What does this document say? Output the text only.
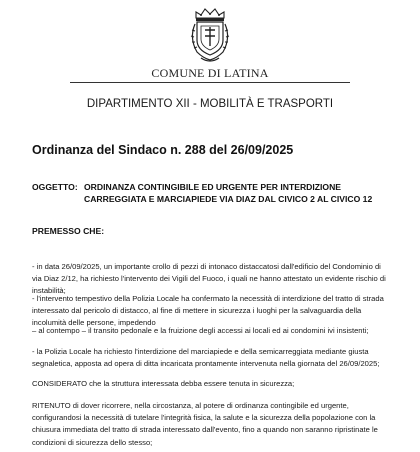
COMUNE DI LATINA
DIPARTIMENTO XII - MOBILITÀ E TRASPORTI
Ordinanza del Sindaco n. 288 del 26/09/2025
OGGETTO: ORDINANZA CONTINGIBILE ED URGENTE PER INTERDIZIONE CARREGGIATA E MARCIAPIEDE VIA DIAZ DAL CIVICO 2 AL CIVICO 12
PREMESSO CHE:
- in data 26/09/2025, un importante crollo di pezzi di intonaco distaccatosi dall'edificio del Condominio di via Diaz 2/12, ha richiesto l'intervento dei Vigili del Fuoco, i quali ne hanno attestato un evidente rischio di instabilità;
- l'intervento tempestivo della Polizia Locale ha confermato la necessità di interdizione del tratto di strada interessato dal pericolo di distacco, al fine di mettere in sicurezza i luoghi per la salvaguardia della incolumità delle persone, impedendo
– al contempo – il transito pedonale e la fruizione degli accessi ai locali ed ai condomini ivi insistenti;
- la Polizia Locale ha richiesto l'interdizione del marciapiede e della semicarreggiata mediante giusta segnaletica, apposta ad opera di ditta incaricata prontamente intervenuta nella giornata del 26/09/2025;
CONSIDERATO che la struttura interessata debba essere tenuta in sicurezza;
RITENUTO di dover ricorrere, nella circostanza, al potere di ordinanza contingibile ed urgente, configurandosi la necessità di tutelare l'integrità fisica, la salute e la sicurezza della popolazione con la chiusura immediata del tratto di strada interessato dall'evento, fino a quando non saranno ripristinate le condizioni di sicurezza dello stesso;
